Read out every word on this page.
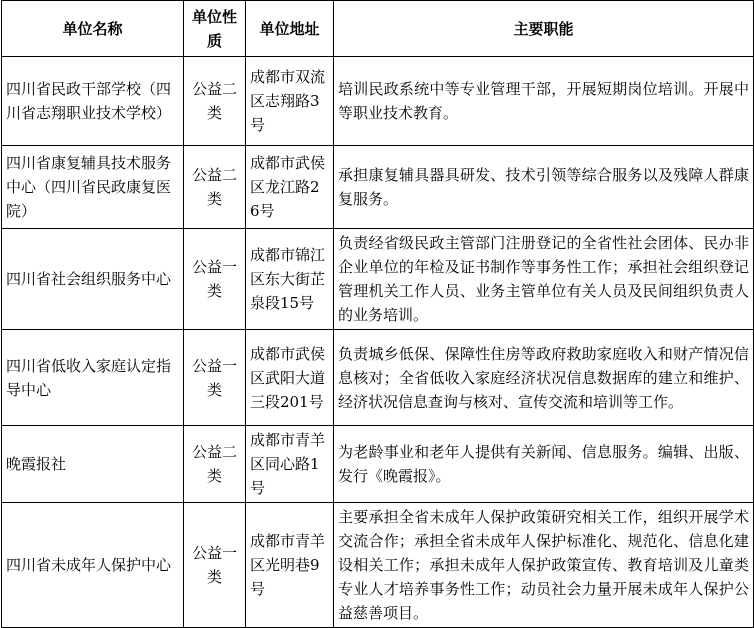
单位名称	单位性质	单位地址	主要职能
四川省民政干部学校（四川省志翔职业技术学校）	公益二类	成都市双流区志翔路3号	培训民政系统中等专业管理干部，开展短期岗位培训。开展中等职业技术教育。
四川省康复辅具技术服务中心（四川省民政康复医院）	公益二类	成都市武侯区龙江路26号	承担康复辅具器具研发、技术引领等综合服务以及残障人群康复服务。
四川省社会组织服务中心	公益一类	成都市锦江区东大街芷泉段15号	负责经省级民政主管部门注册登记的全省性社会团体、民办非企业单位的年检及证书制作等事务性工作；承担社会组织登记管理机关工作人员、业务主管单位有关人员及民间组织负责人的业务培训。
四川省低收入家庭认定指导中心	公益一类	成都市武侯区武阳大道三段201号	负责城乡低保、保障性住房等政府救助家庭收入和财产情况信息核对；全省低收入家庭经济状况信息数据库的建立和维护、经济状况信息查询与核对、宣传交流和培训等工作。
晚霞报社	公益二类	成都市青羊区同心路1号	为老龄事业和老年人提供有关新闻、信息服务。编辑、出版、发行《晚霞报》。
四川省未成年人保护中心	公益一类	成都市青羊区光明巷9号	主要承担全省未成年人保护政策研究相关工作，组织开展学术交流合作；承担全省未成年人保护标准化、规范化、信息化建设相关工作；承担未成年人保护政策宣传、教育培训及儿童类专业人才培养事务性工作；动员社会力量开展未成年人保护公益慈善项目。
